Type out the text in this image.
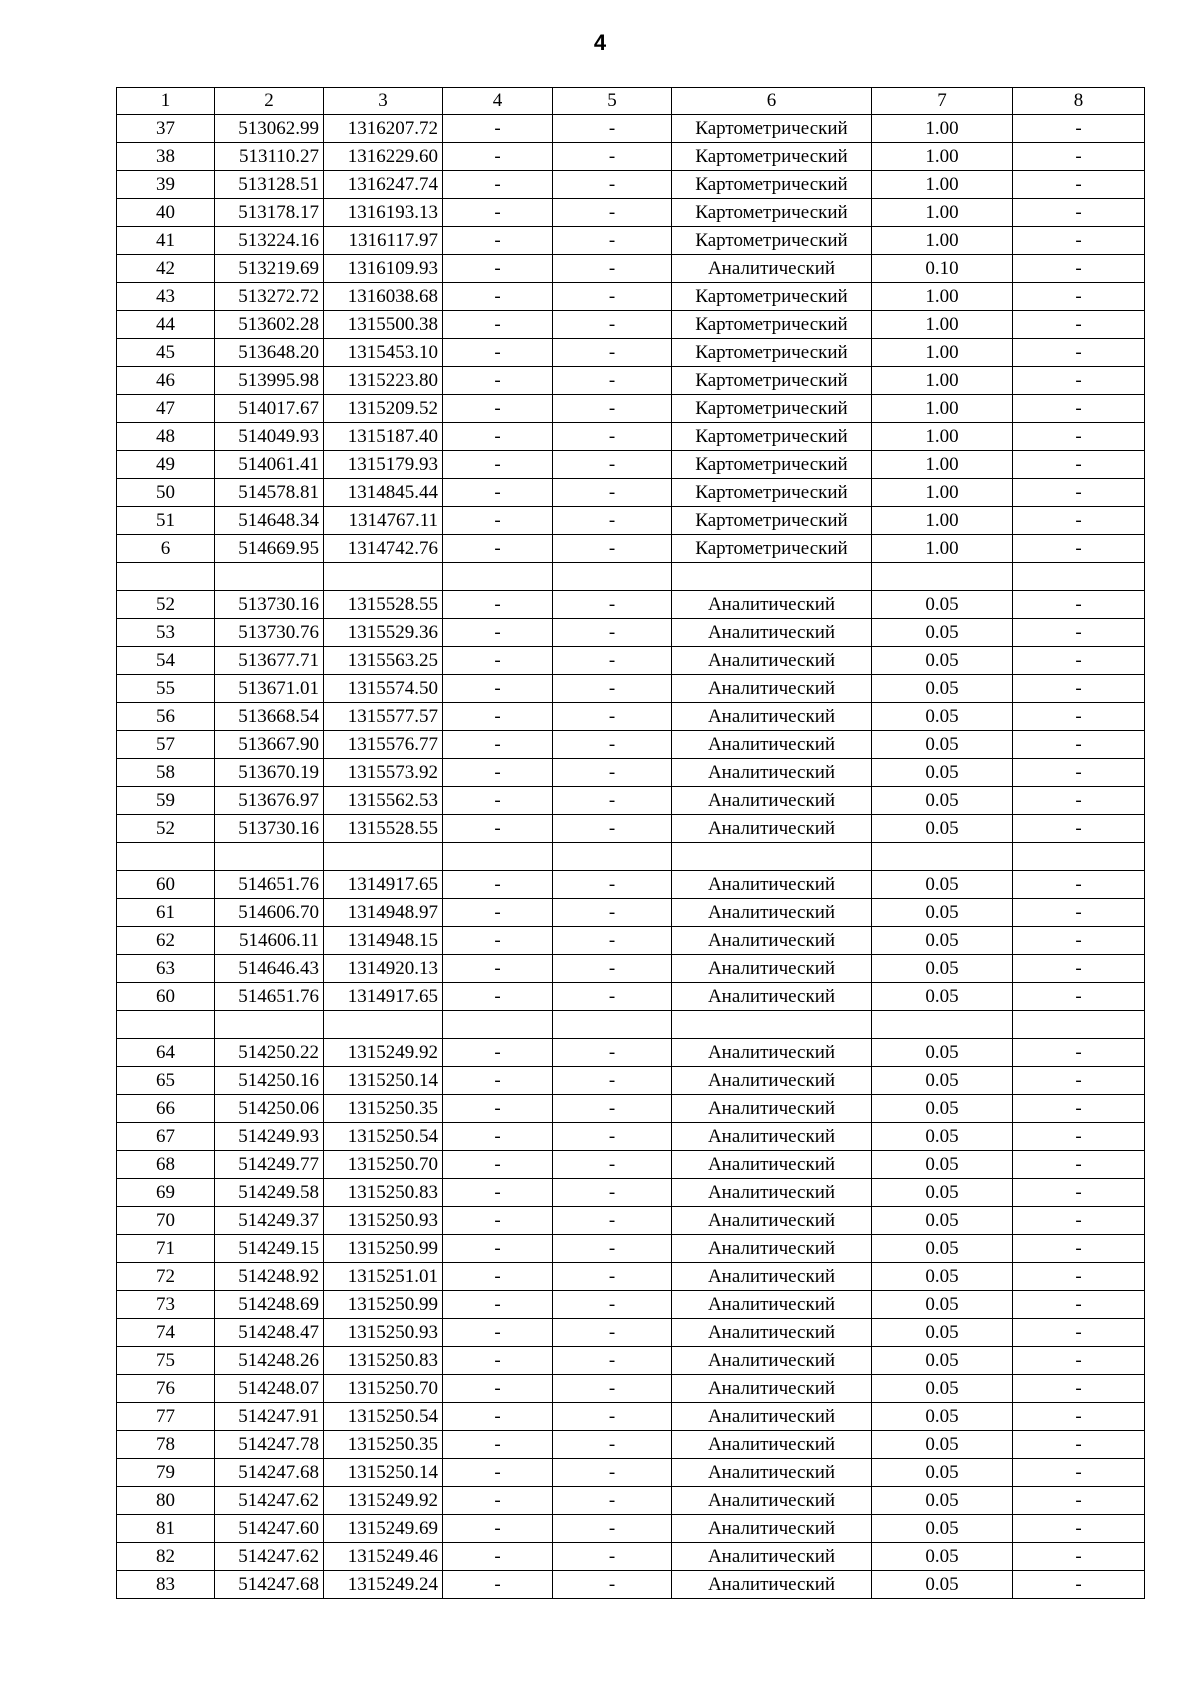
4
1	2	3	4	5	6	7	8
37	513062.99	1316207.72	-	-	Картометрический	1.00	-
38	513110.27	1316229.60	-	-	Картометрический	1.00	-
39	513128.51	1316247.74	-	-	Картометрический	1.00	-
40	513178.17	1316193.13	-	-	Картометрический	1.00	-
41	513224.16	1316117.97	-	-	Картометрический	1.00	-
42	513219.69	1316109.93	-	-	Аналитический	0.10	-
43	513272.72	1316038.68	-	-	Картометрический	1.00	-
44	513602.28	1315500.38	-	-	Картометрический	1.00	-
45	513648.20	1315453.10	-	-	Картометрический	1.00	-
46	513995.98	1315223.80	-	-	Картометрический	1.00	-
47	514017.67	1315209.52	-	-	Картометрический	1.00	-
48	514049.93	1315187.40	-	-	Картометрический	1.00	-
49	514061.41	1315179.93	-	-	Картометрический	1.00	-
50	514578.81	1314845.44	-	-	Картометрический	1.00	-
51	514648.34	1314767.11	-	-	Картометрический	1.00	-
6	514669.95	1314742.76	-	-	Картометрический	1.00	-

52	513730.16	1315528.55	-	-	Аналитический	0.05	-
53	513730.76	1315529.36	-	-	Аналитический	0.05	-
54	513677.71	1315563.25	-	-	Аналитический	0.05	-
55	513671.01	1315574.50	-	-	Аналитический	0.05	-
56	513668.54	1315577.57	-	-	Аналитический	0.05	-
57	513667.90	1315576.77	-	-	Аналитический	0.05	-
58	513670.19	1315573.92	-	-	Аналитический	0.05	-
59	513676.97	1315562.53	-	-	Аналитический	0.05	-
52	513730.16	1315528.55	-	-	Аналитический	0.05	-

60	514651.76	1314917.65	-	-	Аналитический	0.05	-
61	514606.70	1314948.97	-	-	Аналитический	0.05	-
62	514606.11	1314948.15	-	-	Аналитический	0.05	-
63	514646.43	1314920.13	-	-	Аналитический	0.05	-
60	514651.76	1314917.65	-	-	Аналитический	0.05	-

64	514250.22	1315249.92	-	-	Аналитический	0.05	-
65	514250.16	1315250.14	-	-	Аналитический	0.05	-
66	514250.06	1315250.35	-	-	Аналитический	0.05	-
67	514249.93	1315250.54	-	-	Аналитический	0.05	-
68	514249.77	1315250.70	-	-	Аналитический	0.05	-
69	514249.58	1315250.83	-	-	Аналитический	0.05	-
70	514249.37	1315250.93	-	-	Аналитический	0.05	-
71	514249.15	1315250.99	-	-	Аналитический	0.05	-
72	514248.92	1315251.01	-	-	Аналитический	0.05	-
73	514248.69	1315250.99	-	-	Аналитический	0.05	-
74	514248.47	1315250.93	-	-	Аналитический	0.05	-
75	514248.26	1315250.83	-	-	Аналитический	0.05	-
76	514248.07	1315250.70	-	-	Аналитический	0.05	-
77	514247.91	1315250.54	-	-	Аналитический	0.05	-
78	514247.78	1315250.35	-	-	Аналитический	0.05	-
79	514247.68	1315250.14	-	-	Аналитический	0.05	-
80	514247.62	1315249.92	-	-	Аналитический	0.05	-
81	514247.60	1315249.69	-	-	Аналитический	0.05	-
82	514247.62	1315249.46	-	-	Аналитический	0.05	-
83	514247.68	1315249.24	-	-	Аналитический	0.05	-
